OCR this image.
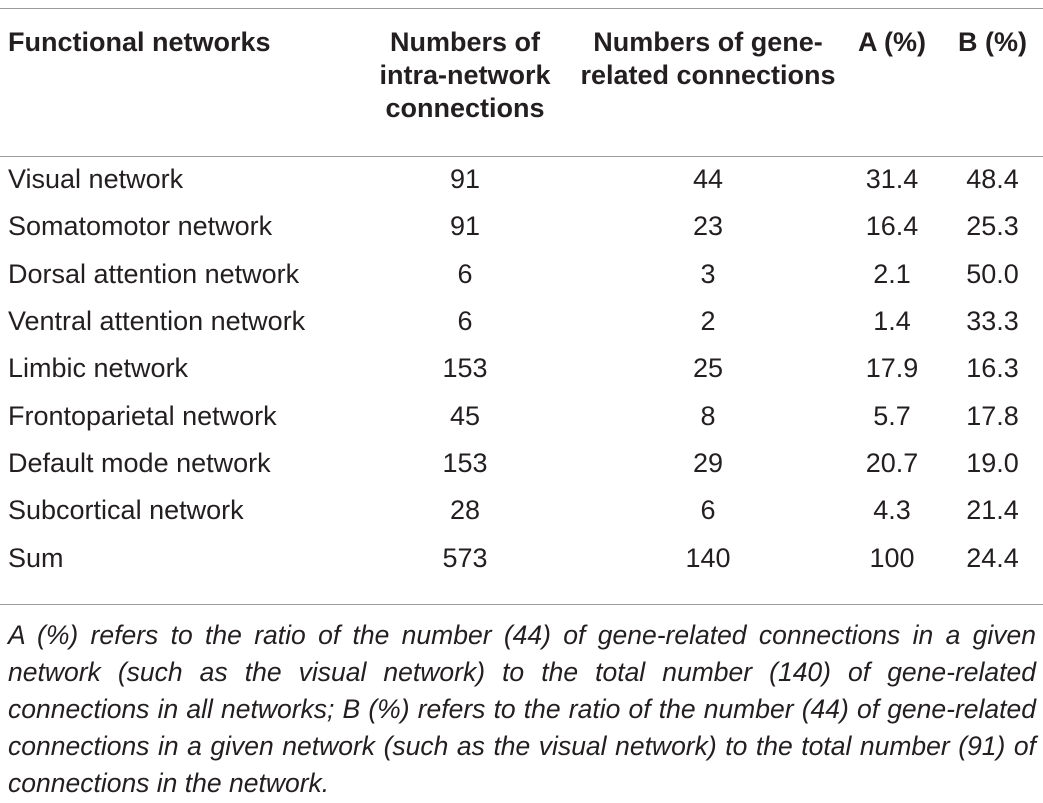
Functional networks	Numbers of intra-network connections	Numbers of gene-related connections	A (%)	B (%)
Visual network	91	44	31.4	48.4
Somatomotor network	91	23	16.4	25.3
Dorsal attention network	6	3	2.1	50.0
Ventral attention network	6	2	1.4	33.3
Limbic network	153	25	17.9	16.3
Frontoparietal network	45	8	5.7	17.8
Default mode network	153	29	20.7	19.0
Subcortical network	28	6	4.3	21.4
Sum	573	140	100	24.4
A (%) refers to the ratio of the number (44) of gene-related connections in a given network (such as the visual network) to the total number (140) of gene-related connections in all networks; B (%) refers to the ratio of the number (44) of gene-related connections in a given network (such as the visual network) to the total number (91) of connections in the network.
